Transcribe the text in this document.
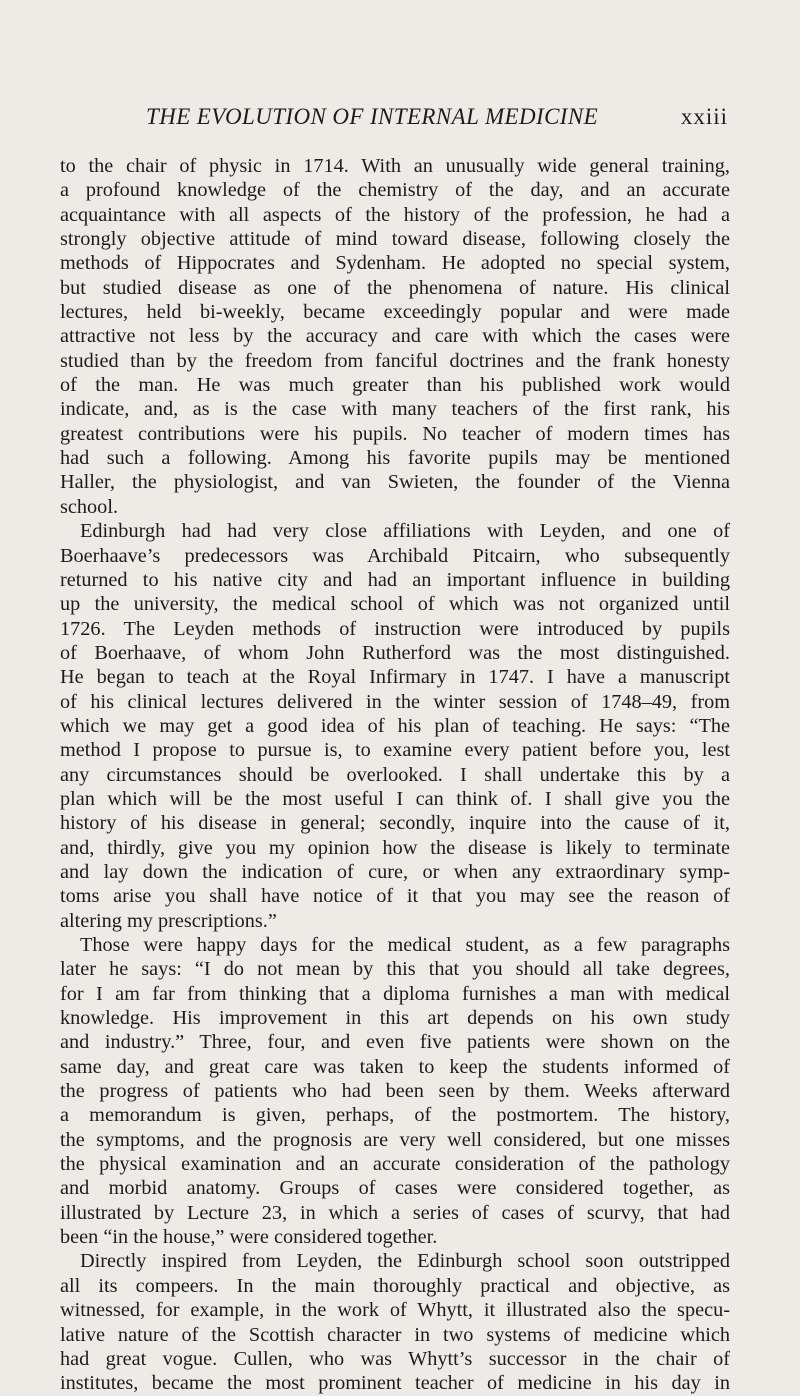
THE EVOLUTION OF INTERNAL MEDICINE	xxiii
to the chair of physic in 1714. With an unusually wide general training,
a profound knowledge of the chemistry of the day, and an accurate
acquaintance with all aspects of the history of the profession, he had a
strongly objective attitude of mind toward disease, following closely the
methods of Hippocrates and Sydenham. He adopted no special system,
but studied disease as one of the phenomena of nature. His clinical
lectures, held bi-weekly, became exceedingly popular and were made
attractive not less by the accuracy and care with which the cases were
studied than by the freedom from fanciful doctrines and the frank honesty
of the man. He was much greater than his published work would
indicate, and, as is the case with many teachers of the first rank, his
greatest contributions were his pupils. No teacher of modern times has
had such a following. Among his favorite pupils may be mentioned
Haller, the physiologist, and van Swieten, the founder of the Vienna
school.
Edinburgh had had very close affiliations with Leyden, and one of
Boerhaave’s predecessors was Archibald Pitcairn, who subsequently
returned to his native city and had an important influence in building
up the university, the medical school of which was not organized until
1726. The Leyden methods of instruction were introduced by pupils
of Boerhaave, of whom John Rutherford was the most distinguished.
He began to teach at the Royal Infirmary in 1747. I have a manuscript
of his clinical lectures delivered in the winter session of 1748–49, from
which we may get a good idea of his plan of teaching. He says: “The
method I propose to pursue is, to examine every patient before you, lest
any circumstances should be overlooked. I shall undertake this by a
plan which will be the most useful I can think of. I shall give you the
history of his disease in general; secondly, inquire into the cause of it,
and, thirdly, give you my opinion how the disease is likely to terminate
and lay down the indication of cure, or when any extraordinary symp-
toms arise you shall have notice of it that you may see the reason of
altering my prescriptions.”
Those were happy days for the medical student, as a few paragraphs
later he says: “I do not mean by this that you should all take degrees,
for I am far from thinking that a diploma furnishes a man with medical
knowledge. His improvement in this art depends on his own study
and industry.” Three, four, and even five patients were shown on the
same day, and great care was taken to keep the students informed of
the progress of patients who had been seen by them. Weeks afterward
a memorandum is given, perhaps, of the postmortem. The history,
the symptoms, and the prognosis are very well considered, but one misses
the physical examination and an accurate consideration of the pathology
and morbid anatomy. Groups of cases were considered together, as
illustrated by Lecture 23, in which a series of cases of scurvy, that had
been “in the house,” were considered together.
Directly inspired from Leyden, the Edinburgh school soon outstripped
all its compeers. In the main thoroughly practical and objective, as
witnessed, for example, in the work of Whytt, it illustrated also the specu-
lative nature of the Scottish character in two systems of medicine which
had great vogue. Cullen, who was Whytt’s successor in the chair of
institutes, became the most prominent teacher of medicine in his day in
